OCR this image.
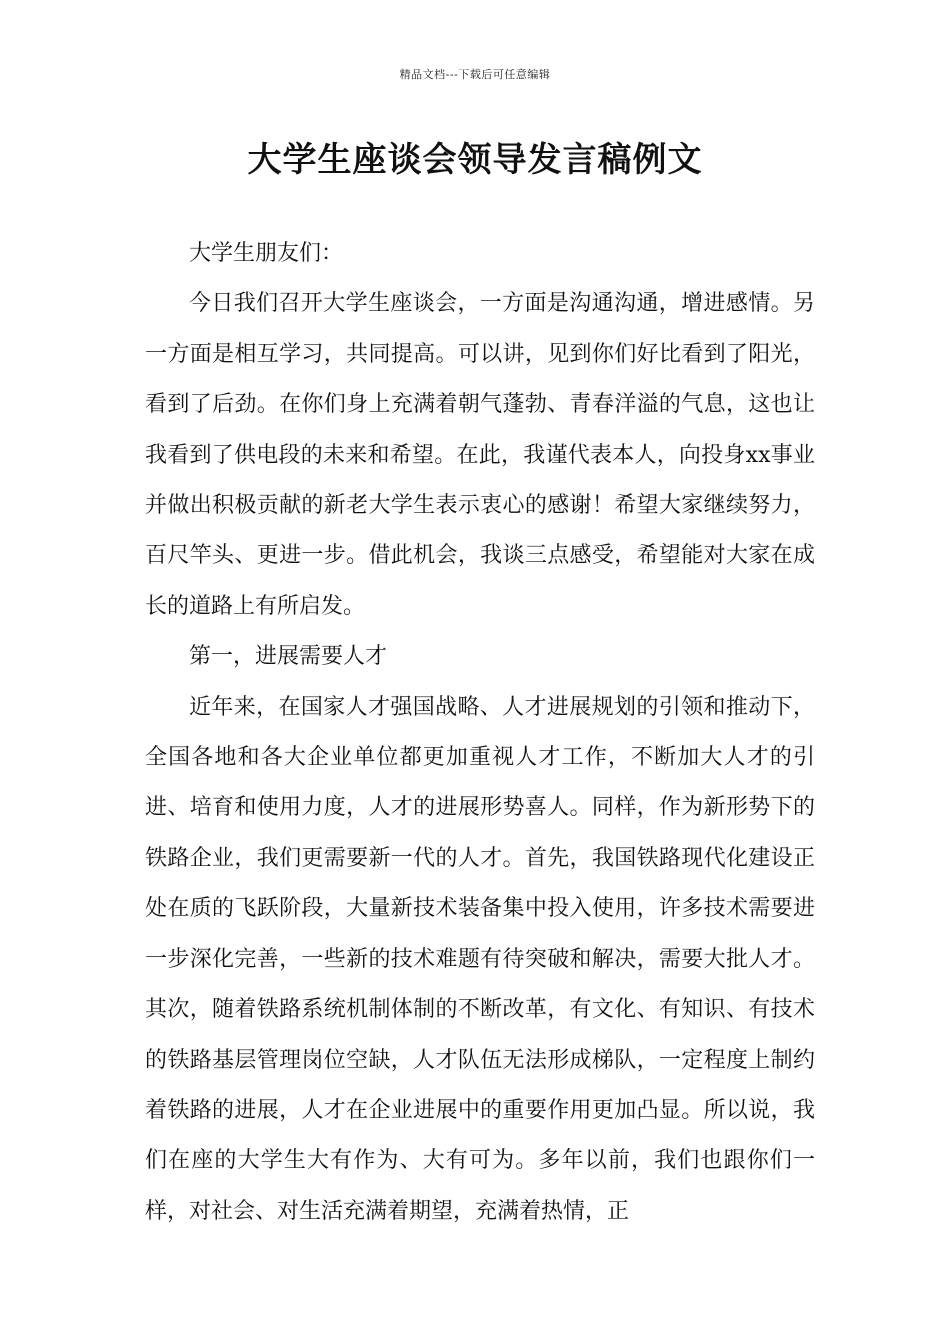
精品文档---下载后可任意编辑
大学生座谈会领导发言稿例文

大学生朋友们：

今日我们召开大学生座谈会，一方面是沟通沟通，增进感情。另一方面是相互学习，共同提高。可以讲，见到你们好比看到了阳光，看到了后劲。在你们身上充满着朝气蓬勃、青春洋溢的气息，这也让我看到了供电段的未来和希望。在此，我谨代表本人，向投身xx事业并做出积极贡献的新老大学生表示衷心的感谢！希望大家继续努力，百尺竿头、更进一步。借此机会，我谈三点感受，希望能对大家在成长的道路上有所启发。

第一，进展需要人才

近年来，在国家人才强国战略、人才进展规划的引领和推动下，全国各地和各大企业单位都更加重视人才工作，不断加大人才的引进、培育和使用力度，人才的进展形势喜人。同样，作为新形势下的铁路企业，我们更需要新一代的人才。首先，我国铁路现代化建设正处在质的飞跃阶段，大量新技术装备集中投入使用，许多技术需要进一步深化完善，一些新的技术难题有待突破和解决，需要大批人才。其次，随着铁路系统机制体制的不断改革，有文化、有知识、有技术的铁路基层管理岗位空缺，人才队伍无法形成梯队，一定程度上制约着铁路的进展，人才在企业进展中的重要作用更加凸显。所以说，我们在座的大学生大有作为、大有可为。多年以前，我们也跟你们一样，对社会、对生活充满着期望，充满着热情，正
